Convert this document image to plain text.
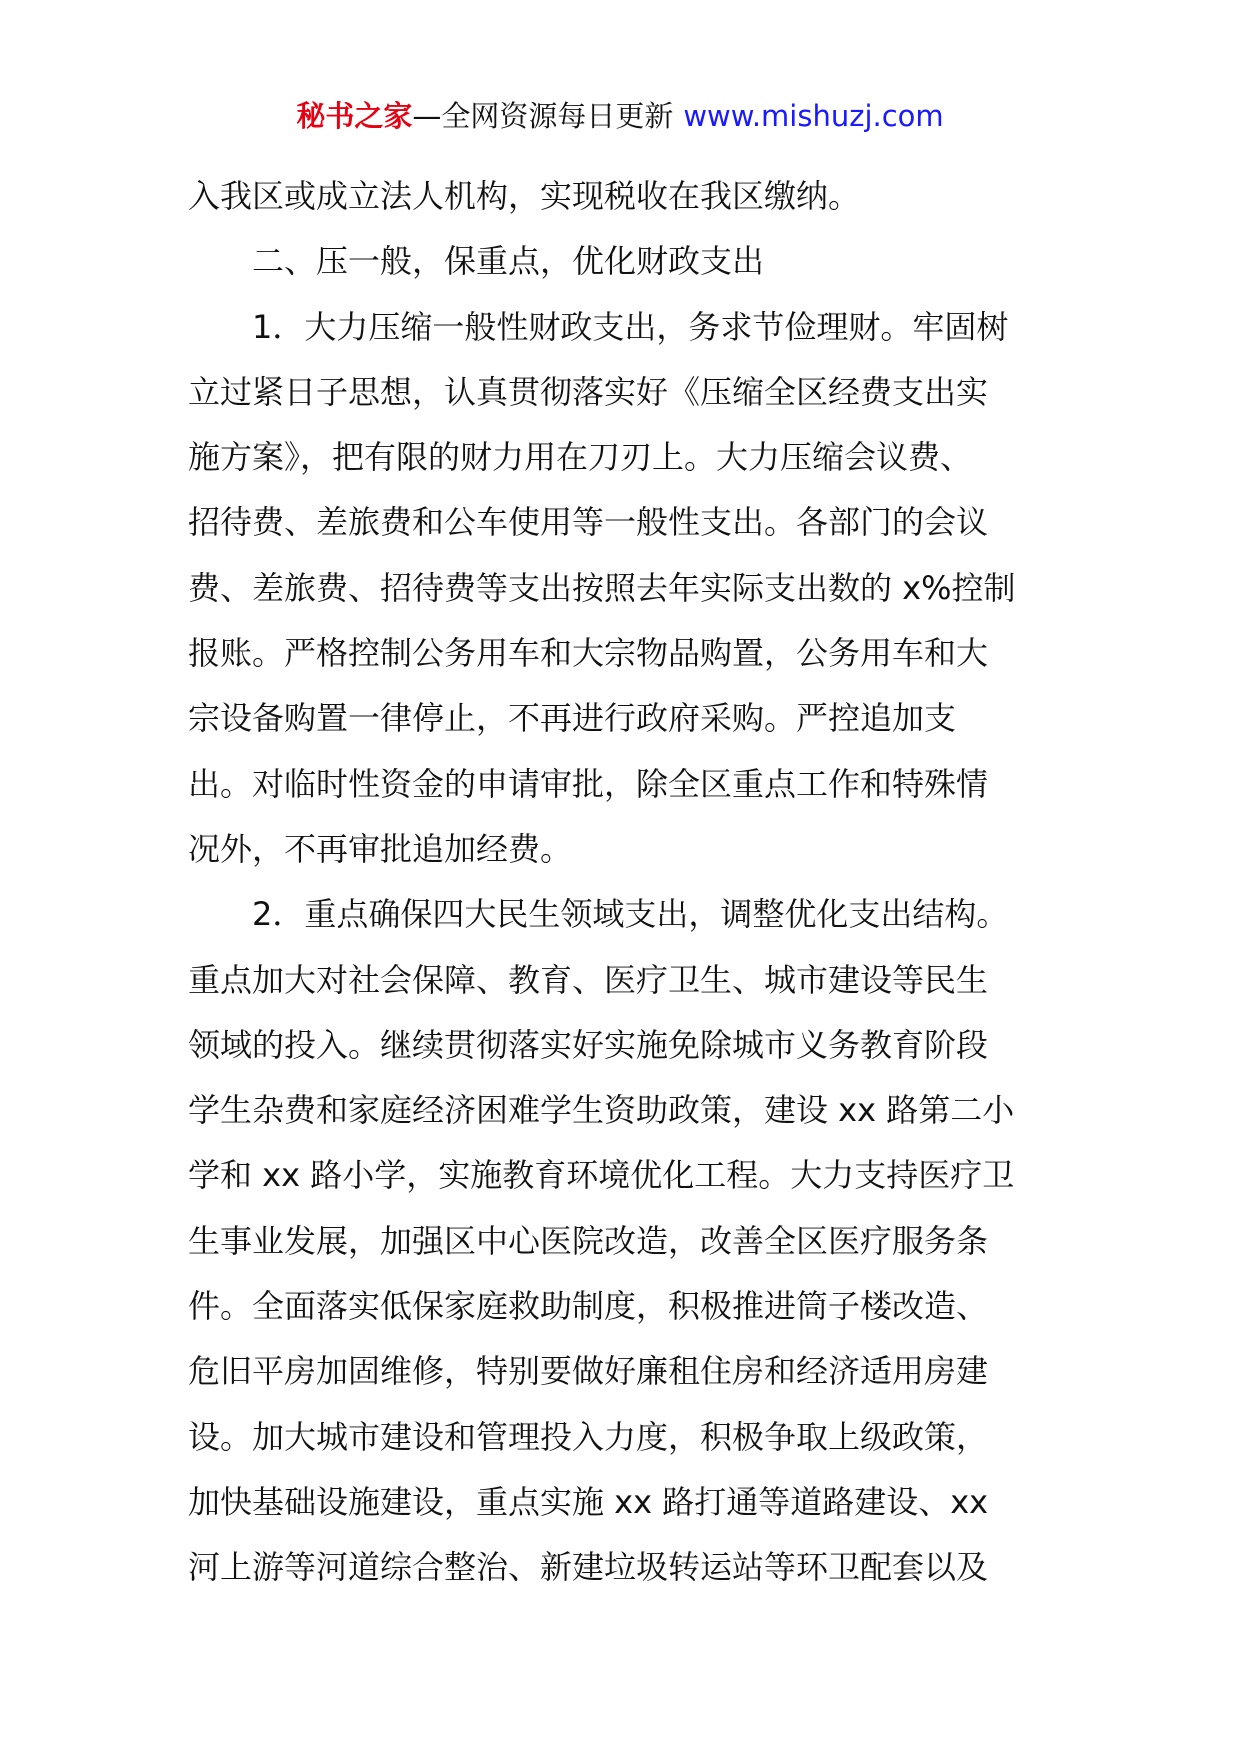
秘书之家—全网资源每日更新 www.mishuzj.com
入我区或成立法人机构，实现税收在我区缴纳。
二、压一般，保重点，优化财政支出
1．大力压缩一般性财政支出，务求节俭理财。牢固树
立过紧日子思想，认真贯彻落实好《压缩全区经费支出实
施方案》，把有限的财力用在刀刃上。大力压缩会议费、
招待费、差旅费和公车使用等一般性支出。各部门的会议
费、差旅费、招待费等支出按照去年实际支出数的 x%控制
报账。严格控制公务用车和大宗物品购置，公务用车和大
宗设备购置一律停止，不再进行政府采购。严控追加支
出。对临时性资金的申请审批，除全区重点工作和特殊情
况外，不再审批追加经费。
2．重点确保四大民生领域支出，调整优化支出结构。
重点加大对社会保障、教育、医疗卫生、城市建设等民生
领域的投入。继续贯彻落实好实施免除城市义务教育阶段
学生杂费和家庭经济困难学生资助政策，建设 xx 路第二小
学和 xx 路小学，实施教育环境优化工程。大力支持医疗卫
生事业发展，加强区中心医院改造，改善全区医疗服务条
件。全面落实低保家庭救助制度，积极推进筒子楼改造、
危旧平房加固维修，特别要做好廉租住房和经济适用房建
设。加大城市建设和管理投入力度，积极争取上级政策，
加快基础设施建设，重点实施 xx 路打通等道路建设、xx
河上游等河道综合整治、新建垃圾转运站等环卫配套以及
